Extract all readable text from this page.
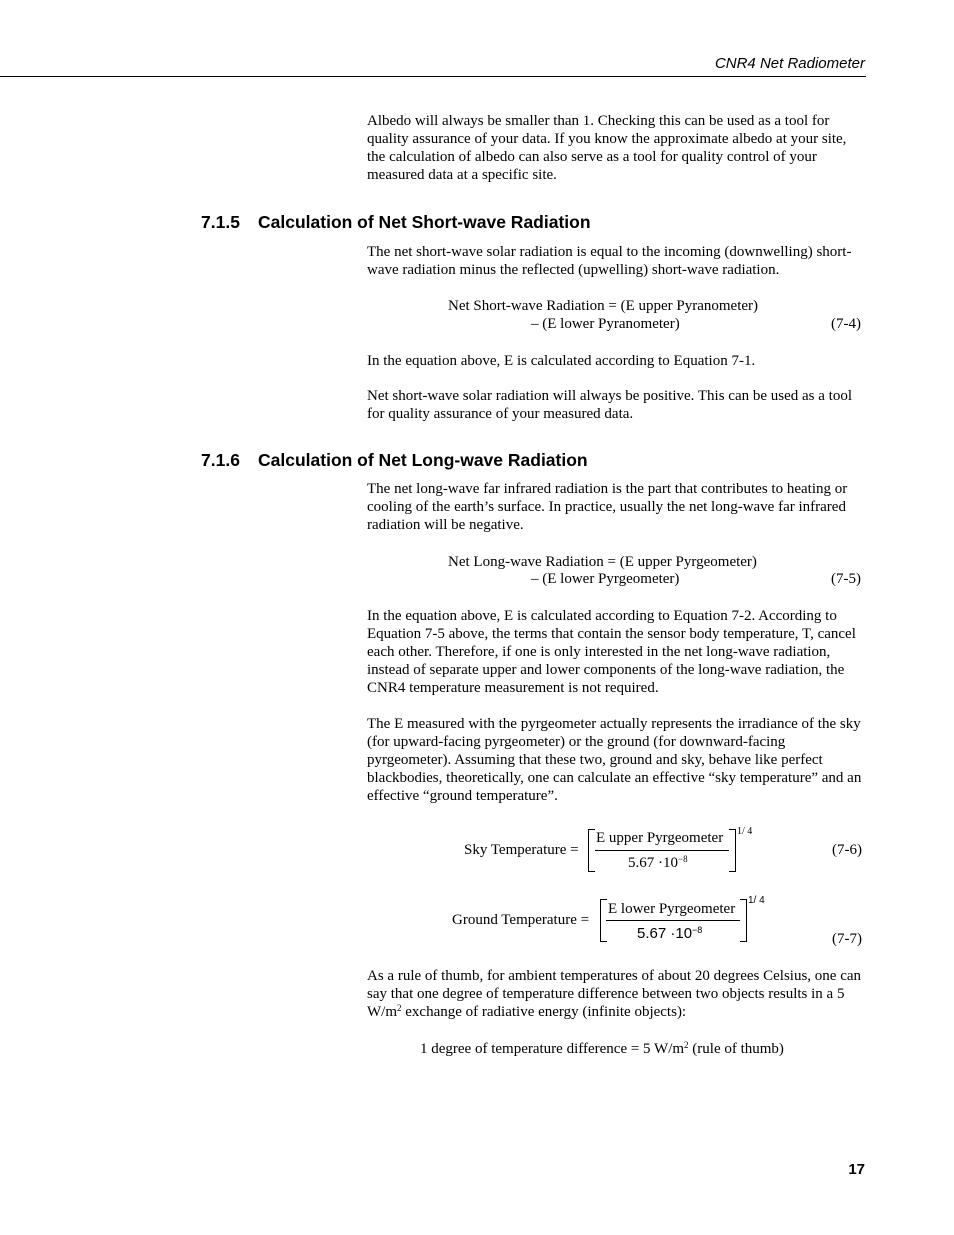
CNR4 Net Radiometer

Albedo will always be smaller than 1. Checking this can be used as a tool for quality assurance of your data. If you know the approximate albedo at your site, the calculation of albedo can also serve as a tool for quality control of your measured data at a specific site.

7.1.5 Calculation of Net Short-wave Radiation

The net short-wave solar radiation is equal to the incoming (downwelling) short-wave radiation minus the reflected (upwelling) short-wave radiation.

Net Short-wave Radiation = (E upper Pyranometer)
– (E lower Pyranometer)	(7-4)

In the equation above, E is calculated according to Equation 7-1.

Net short-wave solar radiation will always be positive. This can be used as a tool for quality assurance of your measured data.

7.1.6 Calculation of Net Long-wave Radiation

The net long-wave far infrared radiation is the part that contributes to heating or cooling of the earth’s surface. In practice, usually the net long-wave far infrared radiation will be negative.

Net Long-wave Radiation = (E upper Pyrgeometer)
– (E lower Pyrgeometer)	(7-5)

In the equation above, E is calculated according to Equation 7-2. According to Equation 7-5 above, the terms that contain the sensor body temperature, T, cancel each other. Therefore, if one is only interested in the net long-wave radiation, instead of separate upper and lower components of the long-wave radiation, the CNR4 temperature measurement is not required.

The E measured with the pyrgeometer actually represents the irradiance of the sky (for upward-facing pyrgeometer) or the ground (for downward-facing pyrgeometer). Assuming that these two, ground and sky, behave like perfect blackbodies, theoretically, one can calculate an effective “sky temperature” and an effective “ground temperature”.

Sky Temperature =
E upper Pyrgeometer
$5.67 \cdot 10^{-8}$
1/ 4
(7-6)
Ground Temperature =
E lower Pyrgeometer
$5.67 \cdot 10^{-8}$
1/ 4
(7-7)

As a rule of thumb, for ambient temperatures of about 20 degrees Celsius, one can say that one degree of temperature difference between two objects results in a 5 $W/m^2$ exchange of radiative energy (infinite objects):

1 degree of temperature difference = 5 $W/m^2$ (rule of thumb)
17
